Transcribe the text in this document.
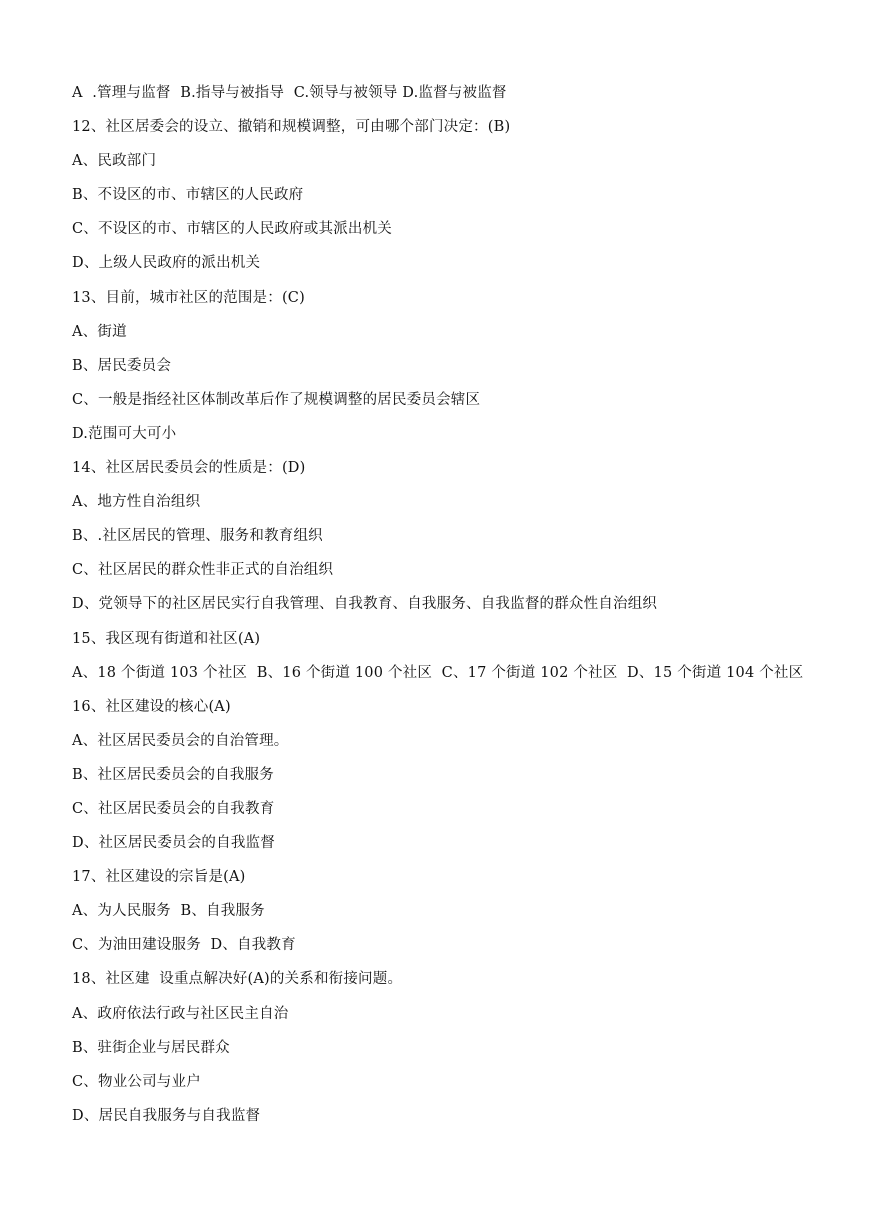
A  .管理与监督  B.指导与被指导  C.领导与被领导 D.监督与被监督
12、社区居委会的设立、撤销和规模调整，可由哪个部门决定：(B)
A、民政部门
B、不设区的市、市辖区的人民政府
C、不设区的市、市辖区的人民政府或其派出机关
D、上级人民政府的派出机关
13、目前，城市社区的范围是：(C)
A、街道
B、居民委员会
C、一般是指经社区体制改革后作了规模调整的居民委员会辖区
D.范围可大可小
14、社区居民委员会的性质是：(D)
A、地方性自治组织
B、.社区居民的管理、服务和教育组织
C、社区居民的群众性非正式的自治组织
D、党领导下的社区居民实行自我管理、自我教育、自我服务、自我监督的群众性自治组织
15、我区现有街道和社区(A)
A、18 个街道 103 个社区  B、16 个街道 100 个社区  C、17 个街道 102 个社区  D、15 个街道 104 个社区
16、社区建设的核心(A)
A、社区居民委员会的自治管理。
B、社区居民委员会的自我服务
C、社区居民委员会的自我教育
D、社区居民委员会的自我监督
17、社区建设的宗旨是(A)
A、为人民服务  B、自我服务
C、为油田建设服务  D、自我教育
18、社区建  设重点解决好(A)的关系和衔接问题。
A、政府依法行政与社区民主自治
B、驻街企业与居民群众
C、物业公司与业户
D、居民自我服务与自我监督
